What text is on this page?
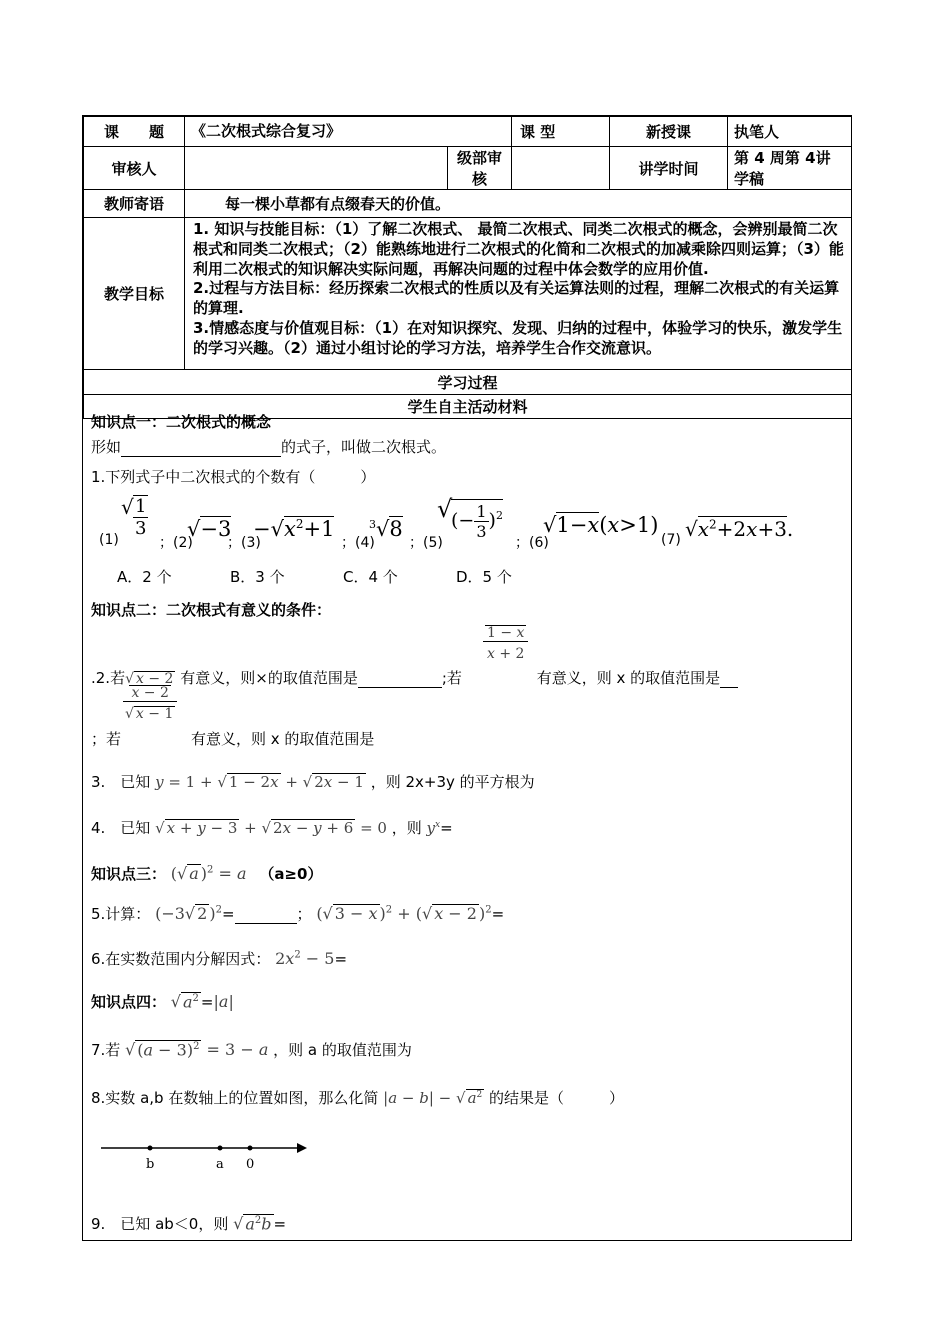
课　　题	《二次根式综合复习》		课 型	新授课	执笔人
审核人		级部审核		讲学时间	第 4 周第 4讲学稿
教师寄语	每一棵小草都有点缀春天的价值。				
教学目标	1. 知识与技能目标：（1）了解二次根式、 最简二次根式、同类二次根式的概念，会辨别最简二次根式和同类二次根式；（2）能熟练地进行二次根式的化简和二次根式的加减乘除四则运算；（3）能利用二次根式的知识解决实际问题，再解决问题的过程中体会数学的应用价值.
2.过程与方法目标：经历探索二次根式的性质以及有关运算法则的过程，理解二次根式的有关运算的算理.
3.情感态度与价值观目标：（1）在对知识探究、发现、归纳的过程中，体验学习的快乐，激发学生的学习兴趣。（2）通过小组讨论的学习方法，培养学生合作交流意识。				

学习过程					
学生自主活动材料					
知识点一：二次根式的概念
形如	的式子，叫做二次根式。
1.下列式子中二次根式的个数有（　　　）
(1)
√ $\frac{1}{3}$
；(2)
√−3
；(3)
$-√x^2+1$
；(4)
$^3$√8
；(5)
√
(− $\frac{1}{3} )^2$
；(6)
√1−x(x>1)
(7) $√x^2+2x+3$.
A．2 个	B．3 个	C．4 个	D．5 个
知识点二：二次根式有意义的条件：
$\frac{1 - x}{x + 2}$
.2.若√ x − 2 有意义，则×的取值范围是	;若	有意义，则 x 的取值范围是
$\frac{x - 2}{√ x - 1}$
；若	有意义，则 x 的取值范围是
3.　已知 y = 1 + √ 1 − 2x + √ 2x − 1 ，则 2x+3y 的平方根为
4.　已知 √ x + y − 3 + √ 2x − y + 6 = 0 ，则 $y^x=$
知识点三： (√ a )$^2$ = a （a≥0）
5.计算： (−3√ 2 )$^2$=	； (√ 3 − x )$^2$ + (√ x − 2 )$^2$=
6.在实数范围内分解因式： $2x^2 - 5=$
知识点四： √ $a^2 =|a|$
7.若 √ $(a - 3)^2 = 3 - a$ ，则 a 的取值范围为
8.实数 a,b 在数轴上的位置如图，那么化简 |a − b| − √ $a^2$ 的结果是（　　　）
b	a 0
9.　已知 ab＜0，则 √ $a^2b$ =
